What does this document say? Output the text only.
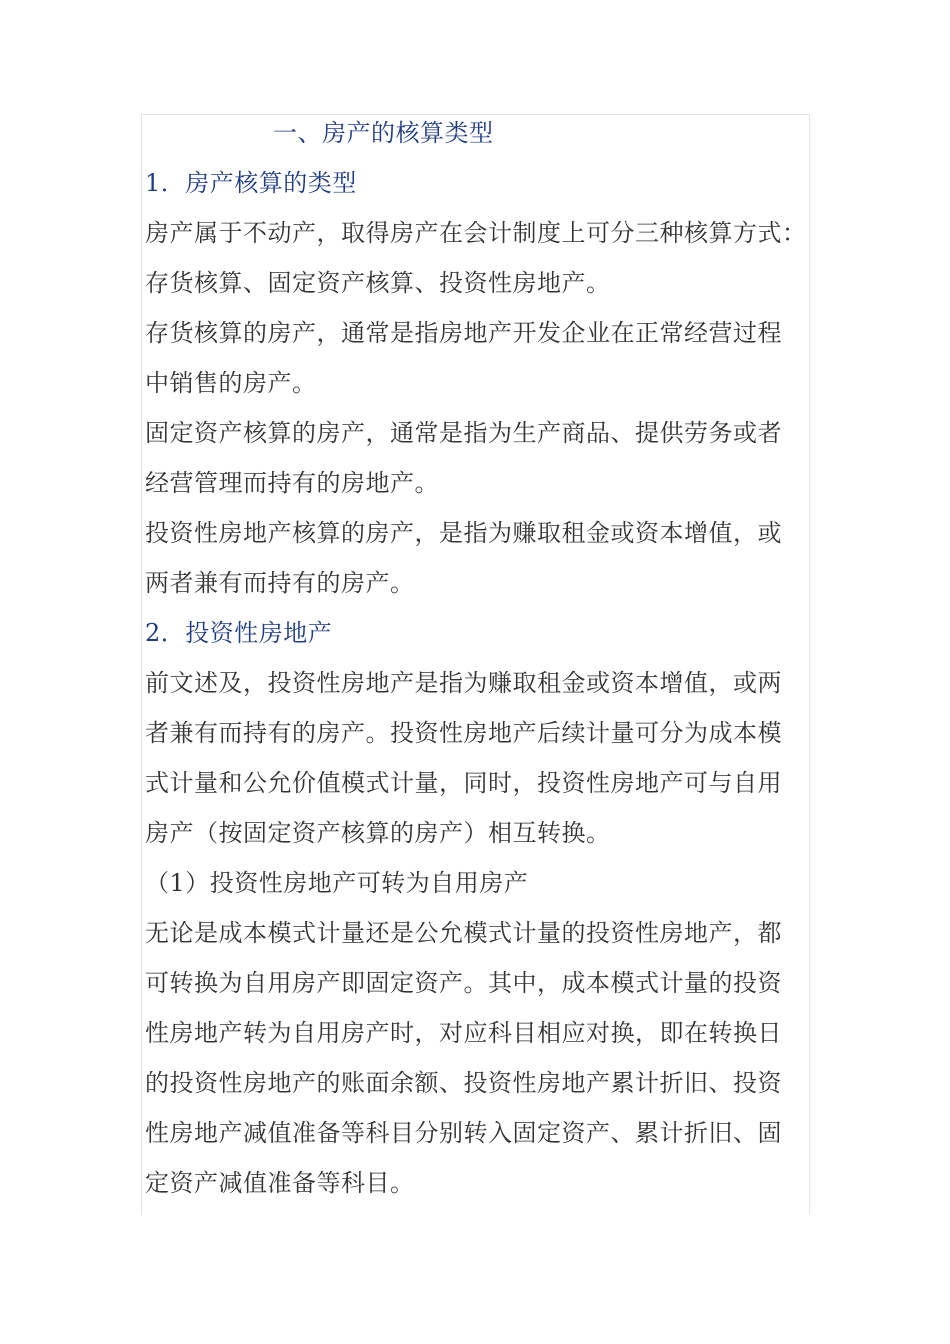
一、房产的核算类型
1．房产核算的类型
房产属于不动产，取得房产在会计制度上可分三种核算方式：
存货核算、固定资产核算、投资性房地产。
存货核算的房产，通常是指房地产开发企业在正常经营过程
中销售的房产。
固定资产核算的房产，通常是指为生产商品、提供劳务或者
经营管理而持有的房地产。
投资性房地产核算的房产，是指为赚取租金或资本增值，或
两者兼有而持有的房产。
2．投资性房地产
前文述及，投资性房地产是指为赚取租金或资本增值，或两
者兼有而持有的房产。投资性房地产后续计量可分为成本模
式计量和公允价值模式计量，同时，投资性房地产可与自用
房产（按固定资产核算的房产）相互转换。
（1）投资性房地产可转为自用房产
无论是成本模式计量还是公允模式计量的投资性房地产，都
可转换为自用房产即固定资产。其中，成本模式计量的投资
性房地产转为自用房产时，对应科目相应对换，即在转换日
的投资性房地产的账面余额、投资性房地产累计折旧、投资
性房地产减值准备等科目分别转入固定资产、累计折旧、固
定资产减值准备等科目。
